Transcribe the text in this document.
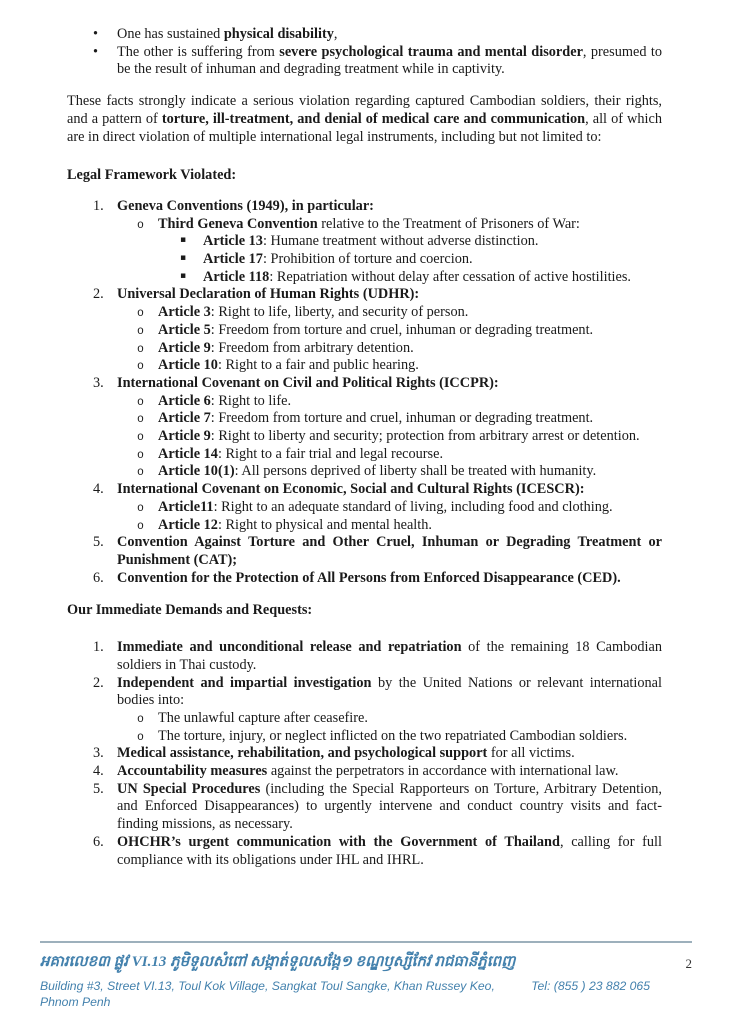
•	One has sustained physical disability,
•	The other is suffering from severe psychological trauma and mental disorder, presumed to be the result of inhuman and degrading treatment while in captivity.

These facts strongly indicate a serious violation regarding captured Cambodian soldiers, their rights, and a pattern of torture, ill-treatment, and denial of medical care and communication, all of which are in direct violation of multiple international legal instruments, including but not limited to:

Legal Framework Violated:
1. Geneva Conventions (1949), in particular:
o Third Geneva Convention relative to the Treatment of Prisoners of War:
▪	Article 13: Humane treatment without adverse distinction.
▪	Article 17: Prohibition of torture and coercion.
▪	Article 118: Repatriation without delay after cessation of active hostilities.
2. Universal Declaration of Human Rights (UDHR):
o Article 3: Right to life, liberty, and security of person.
o Article 5: Freedom from torture and cruel, inhuman or degrading treatment.
o Article 9: Freedom from arbitrary detention.
o Article 10: Right to a fair and public hearing.
3. International Covenant on Civil and Political Rights (ICCPR):
o Article 6: Right to life.
o Article 7: Freedom from torture and cruel, inhuman or degrading treatment.
o Article 9: Right to liberty and security; protection from arbitrary arrest or detention.
o Article 14: Right to a fair trial and legal recourse.
o Article 10(1): All persons deprived of liberty shall be treated with humanity.
4. International Covenant on Economic, Social and Cultural Rights (ICESCR):
o Article11: Right to an adequate standard of living, including food and clothing.
o Article 12: Right to physical and mental health.
5. Convention Against Torture and Other Cruel, Inhuman or Degrading Treatment or Punishment (CAT);
6. Convention for the Protection of All Persons from Enforced Disappearance (CED).
Our Immediate Demands and Requests:
1. Immediate and unconditional release and repatriation of the remaining 18 Cambodian soldiers in Thai custody.
2. Independent and impartial investigation by the United Nations or relevant international bodies into:
o The unlawful capture after ceasefire.
o The torture, injury, or neglect inflicted on the two repatriated Cambodian soldiers.
3. Medical assistance, rehabilitation, and psychological support for all victims.
4. Accountability measures against the perpetrators in accordance with international law.
5. UN Special Procedures (including the Special Rapporteurs on Torture, Arbitrary Detention, and Enforced Disappearances) to urgently intervene and conduct country visits and fact-finding missions, as necessary.
6. OHCHR’s urgent communication with the Government of Thailand, calling for full compliance with its obligations under IHL and IHRL.
អគារលេខ៣ ផ្លូវ VI.13 ភូមិទួលសំពៅ សង្កាត់ទួលសង្កែ១ ខណ្ឌឫស្សីកែវ រាជធានីភ្នំពេញ	2
Building #3, Street VI.13, Toul Kok Village, Sangkat Toul Sangke, Khan Russey Keo, Phnom Penh
Tel: (855 ) 23 882 065
